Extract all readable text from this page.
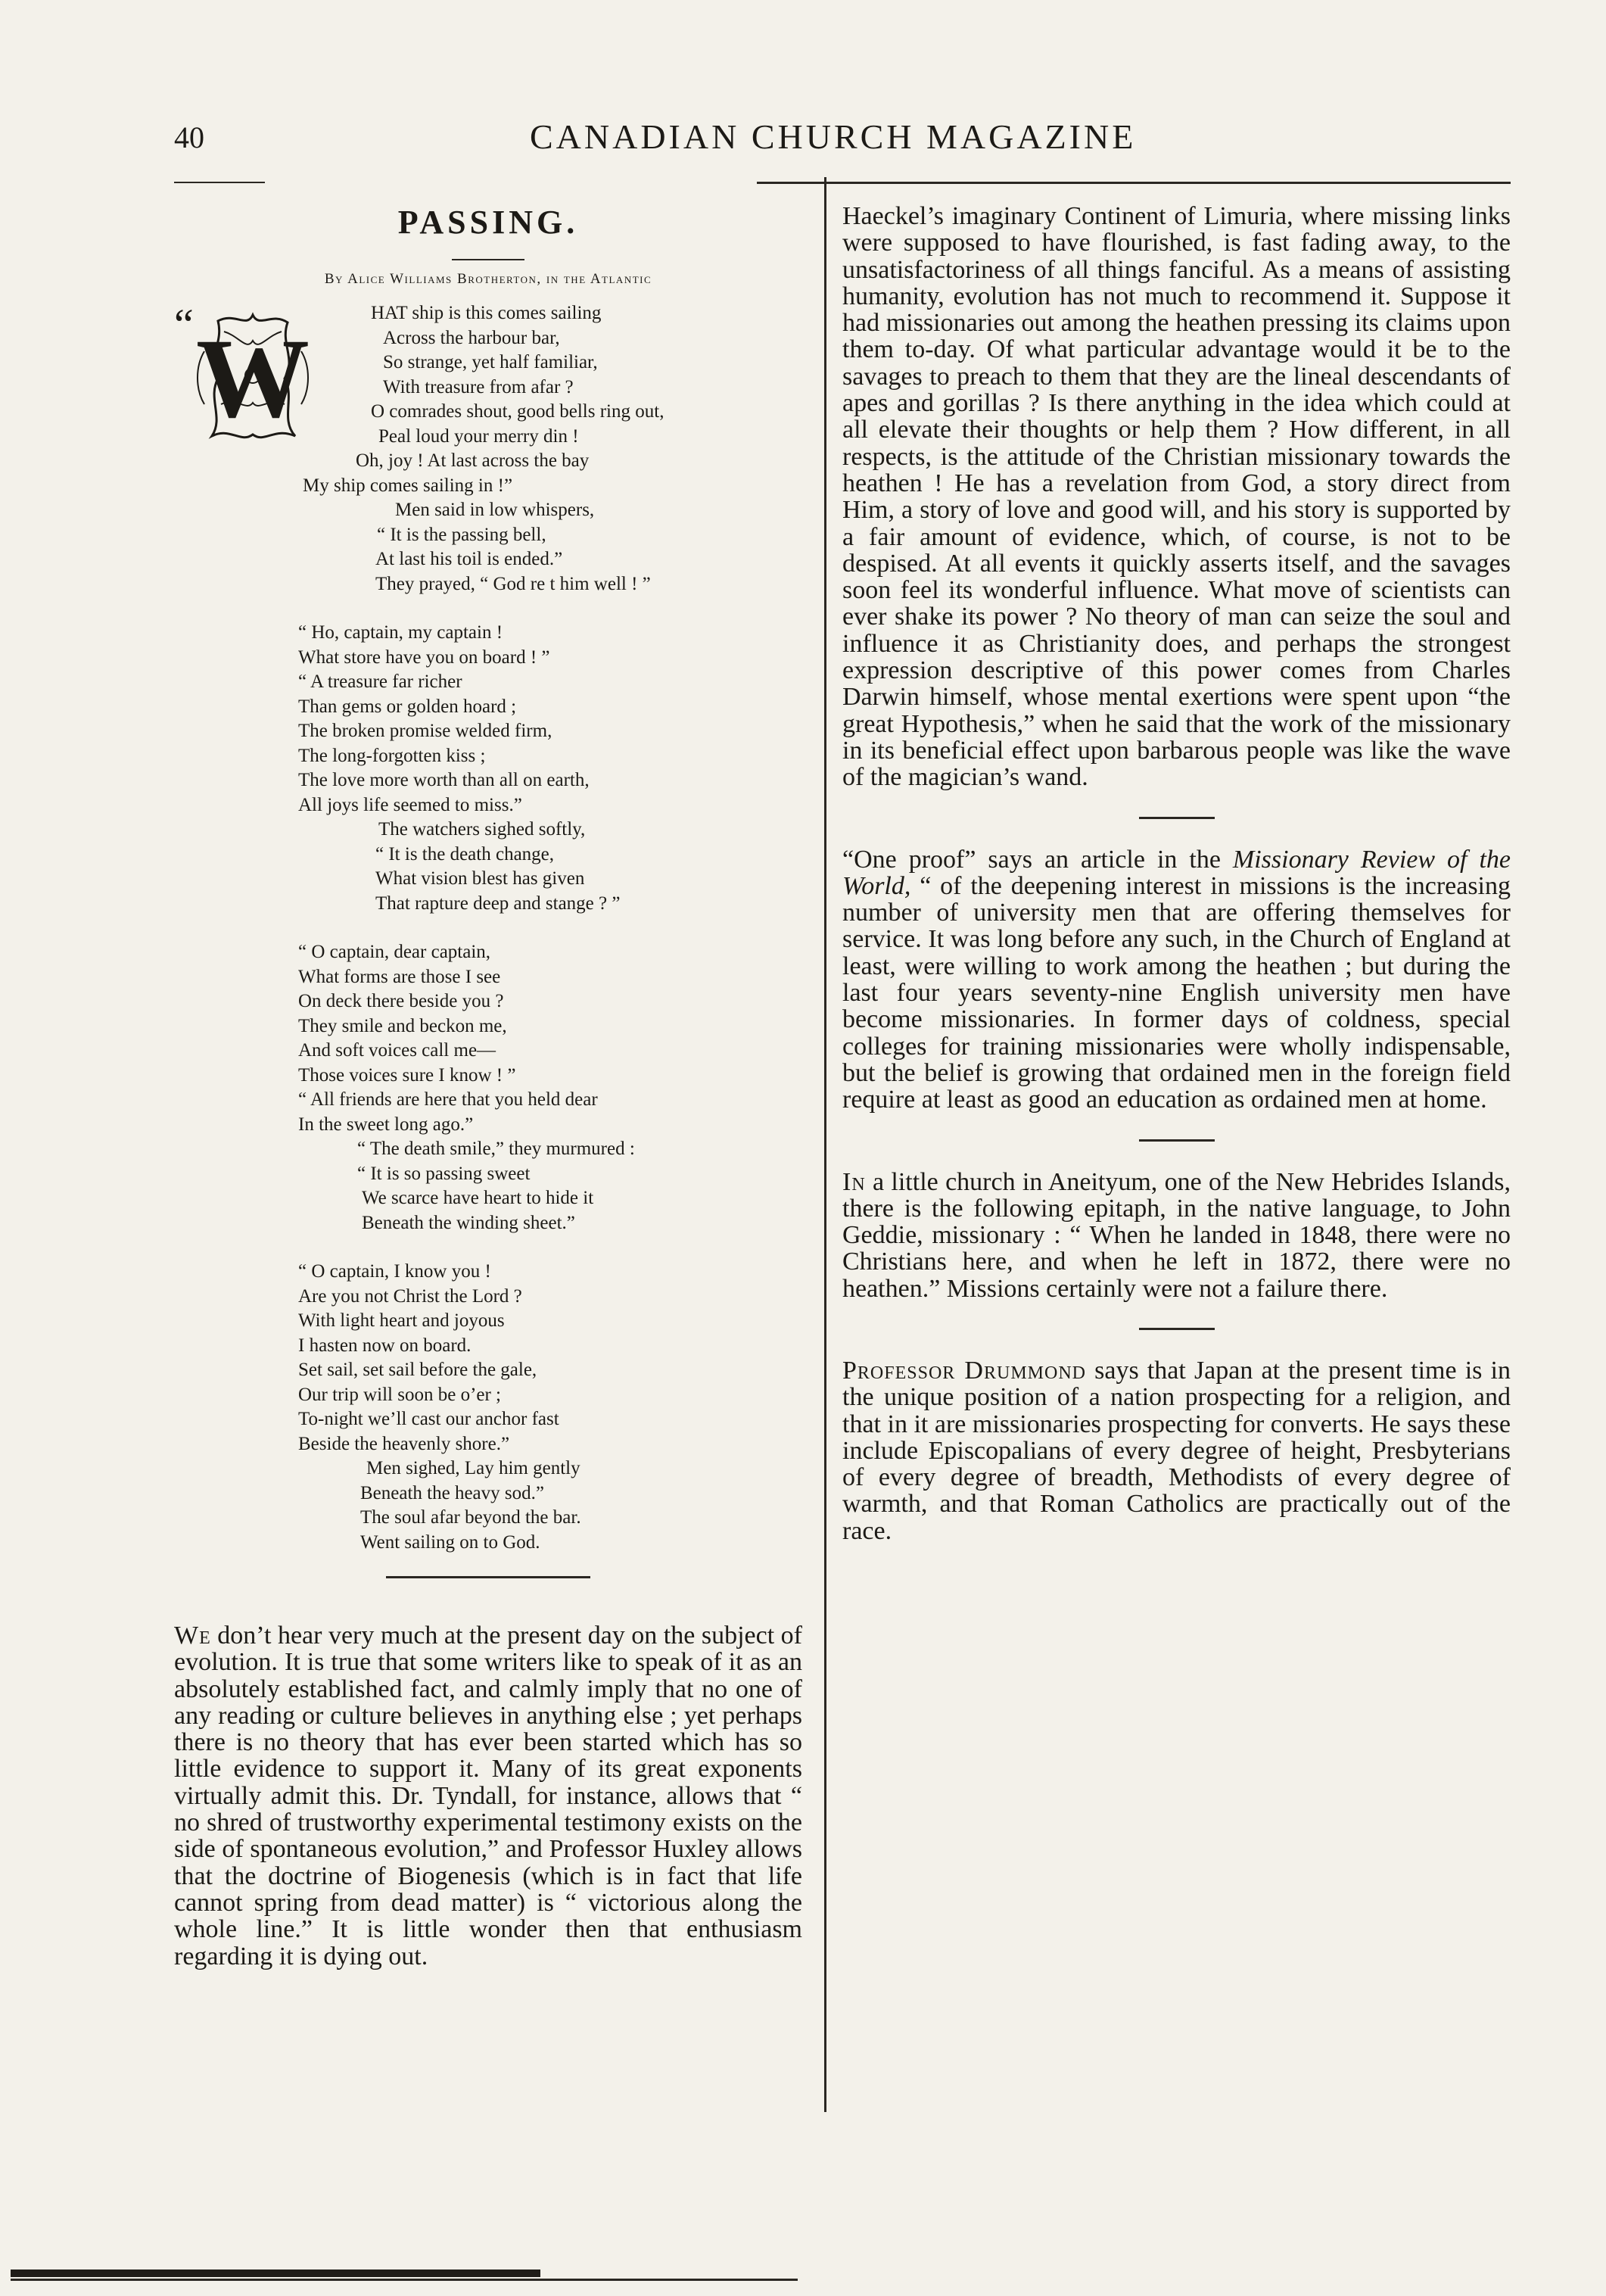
40	CANADIAN CHURCH MAGAZINE
PASSING.
By Alice Williams Brotherton, in the Atlantic
“ W
HAT ship is this comes sailing
Across the harbour bar,
So strange, yet half familiar,
With treasure from afar ?
O comrades shout, good bells ring out,
Peal loud your merry din !
Oh, joy ! At last across the bay
My ship comes sailing in !”
Men said in low whispers,
“ It is the passing bell,
At last his toil is ended.”
They prayed, “ God re t him well ! ”
“ Ho, captain, my captain !
What store have you on board ! ”
“ A treasure far richer
Than gems or golden hoard ;
The broken promise welded firm,
The long-forgotten kiss ;
The love more worth than all on earth,
All joys life seemed to miss.”
The watchers sighed softly,
“ It is the death change,
What vision blest has given
That rapture deep and stange ? ”
“ O captain, dear captain,
What forms are those I see
On deck there beside you ?
They smile and beckon me,
And soft voices call me—
Those voices sure I know ! ”
“ All friends are here that you held dear
In the sweet long ago.”
“ The death smile,” they murmured :
“ It is so passing sweet
We scarce have heart to hide it
Beneath the winding sheet.”
“ O captain, I know you !
Are you not Christ the Lord ?
With light heart and joyous
I hasten now on board.
Set sail, set sail before the gale,
Our trip will soon be o’er ;
To-night we’ll cast our anchor fast
Beside the heavenly shore.”
Men sighed, Lay him gently
Beneath the heavy sod.”
The soul afar beyond the bar.
Went sailing on to God.

We don’t hear very much at the present day on the subject of evolution. It is true that some writers like to speak of it as an absolutely established fact, and calmly imply that no one of any reading or culture believes in anything else ; yet perhaps there is no theory that has ever been started which has so little evidence to support it. Many of its great exponents virtually admit this. Dr. Tyndall, for instance, allows that “ no shred of trustworthy experimental testimony exists on the side of spontaneous evolution,” and Professor Huxley allows that the doctrine of Biogenesis (which is in fact that life cannot spring from dead matter) is “ victorious along the whole line.” It is little wonder then that enthusiasm regarding it is dying out.

Haeckel’s imaginary Continent of Limuria, where missing links were supposed to have flourished, is fast fading away, to the unsatisfactoriness of all things fanciful. As a means of assisting humanity, evolution has not much to recommend it. Suppose it had missionaries out among the heathen pressing its claims upon them to-day. Of what particular advantage would it be to the savages to preach to them that they are the lineal descendants of apes and gorillas ? Is there anything in the idea which could at all elevate their thoughts or help them ? How different, in all respects, is the attitude of the Christian missionary towards the heathen ! He has a revelation from God, a story direct from Him, a story of love and good will, and his story is supported by a fair amount of evidence, which, of course, is not to be despised. At all events it quickly asserts itself, and the savages soon feel its wonderful influence. What move of scientists can ever shake its power ? No theory of man can seize the soul and influence it as Christianity does, and perhaps the strongest expression descriptive of this power comes from Charles Darwin himself, whose mental exertions were spent upon “the great Hypothesis,” when he said that the work of the missionary in its beneficial effect upon barbarous people was like the wave of the magician’s wand.

“One proof” says an article in the Missionary Review of the World, “ of the deepening interest in missions is the increasing number of university men that are offering themselves for service. It was long before any such, in the Church of England at least, were willing to work among the heathen ; but during the last four years seventy-nine English university men have become missionaries. In former days of coldness, special colleges for training missionaries were wholly indispensable, but the belief is growing that ordained men in the foreign field require at least as good an education as ordained men at home.

In a little church in Aneityum, one of the New Hebrides Islands, there is the following epitaph, in the native language, to John Geddie, missionary : “ When he landed in 1848, there were no Christians here, and when he left in 1872, there were no heathen.” Missions certainly were not a failure there.

Professor Drummond says that Japan at the present time is in the unique position of a nation prospecting for a religion, and that in it are missionaries prospecting for converts. He says these include Episcopalians of every degree of height, Presbyterians of every degree of breadth, Methodists of every degree of warmth, and that Roman Catholics are practically out of the race.
